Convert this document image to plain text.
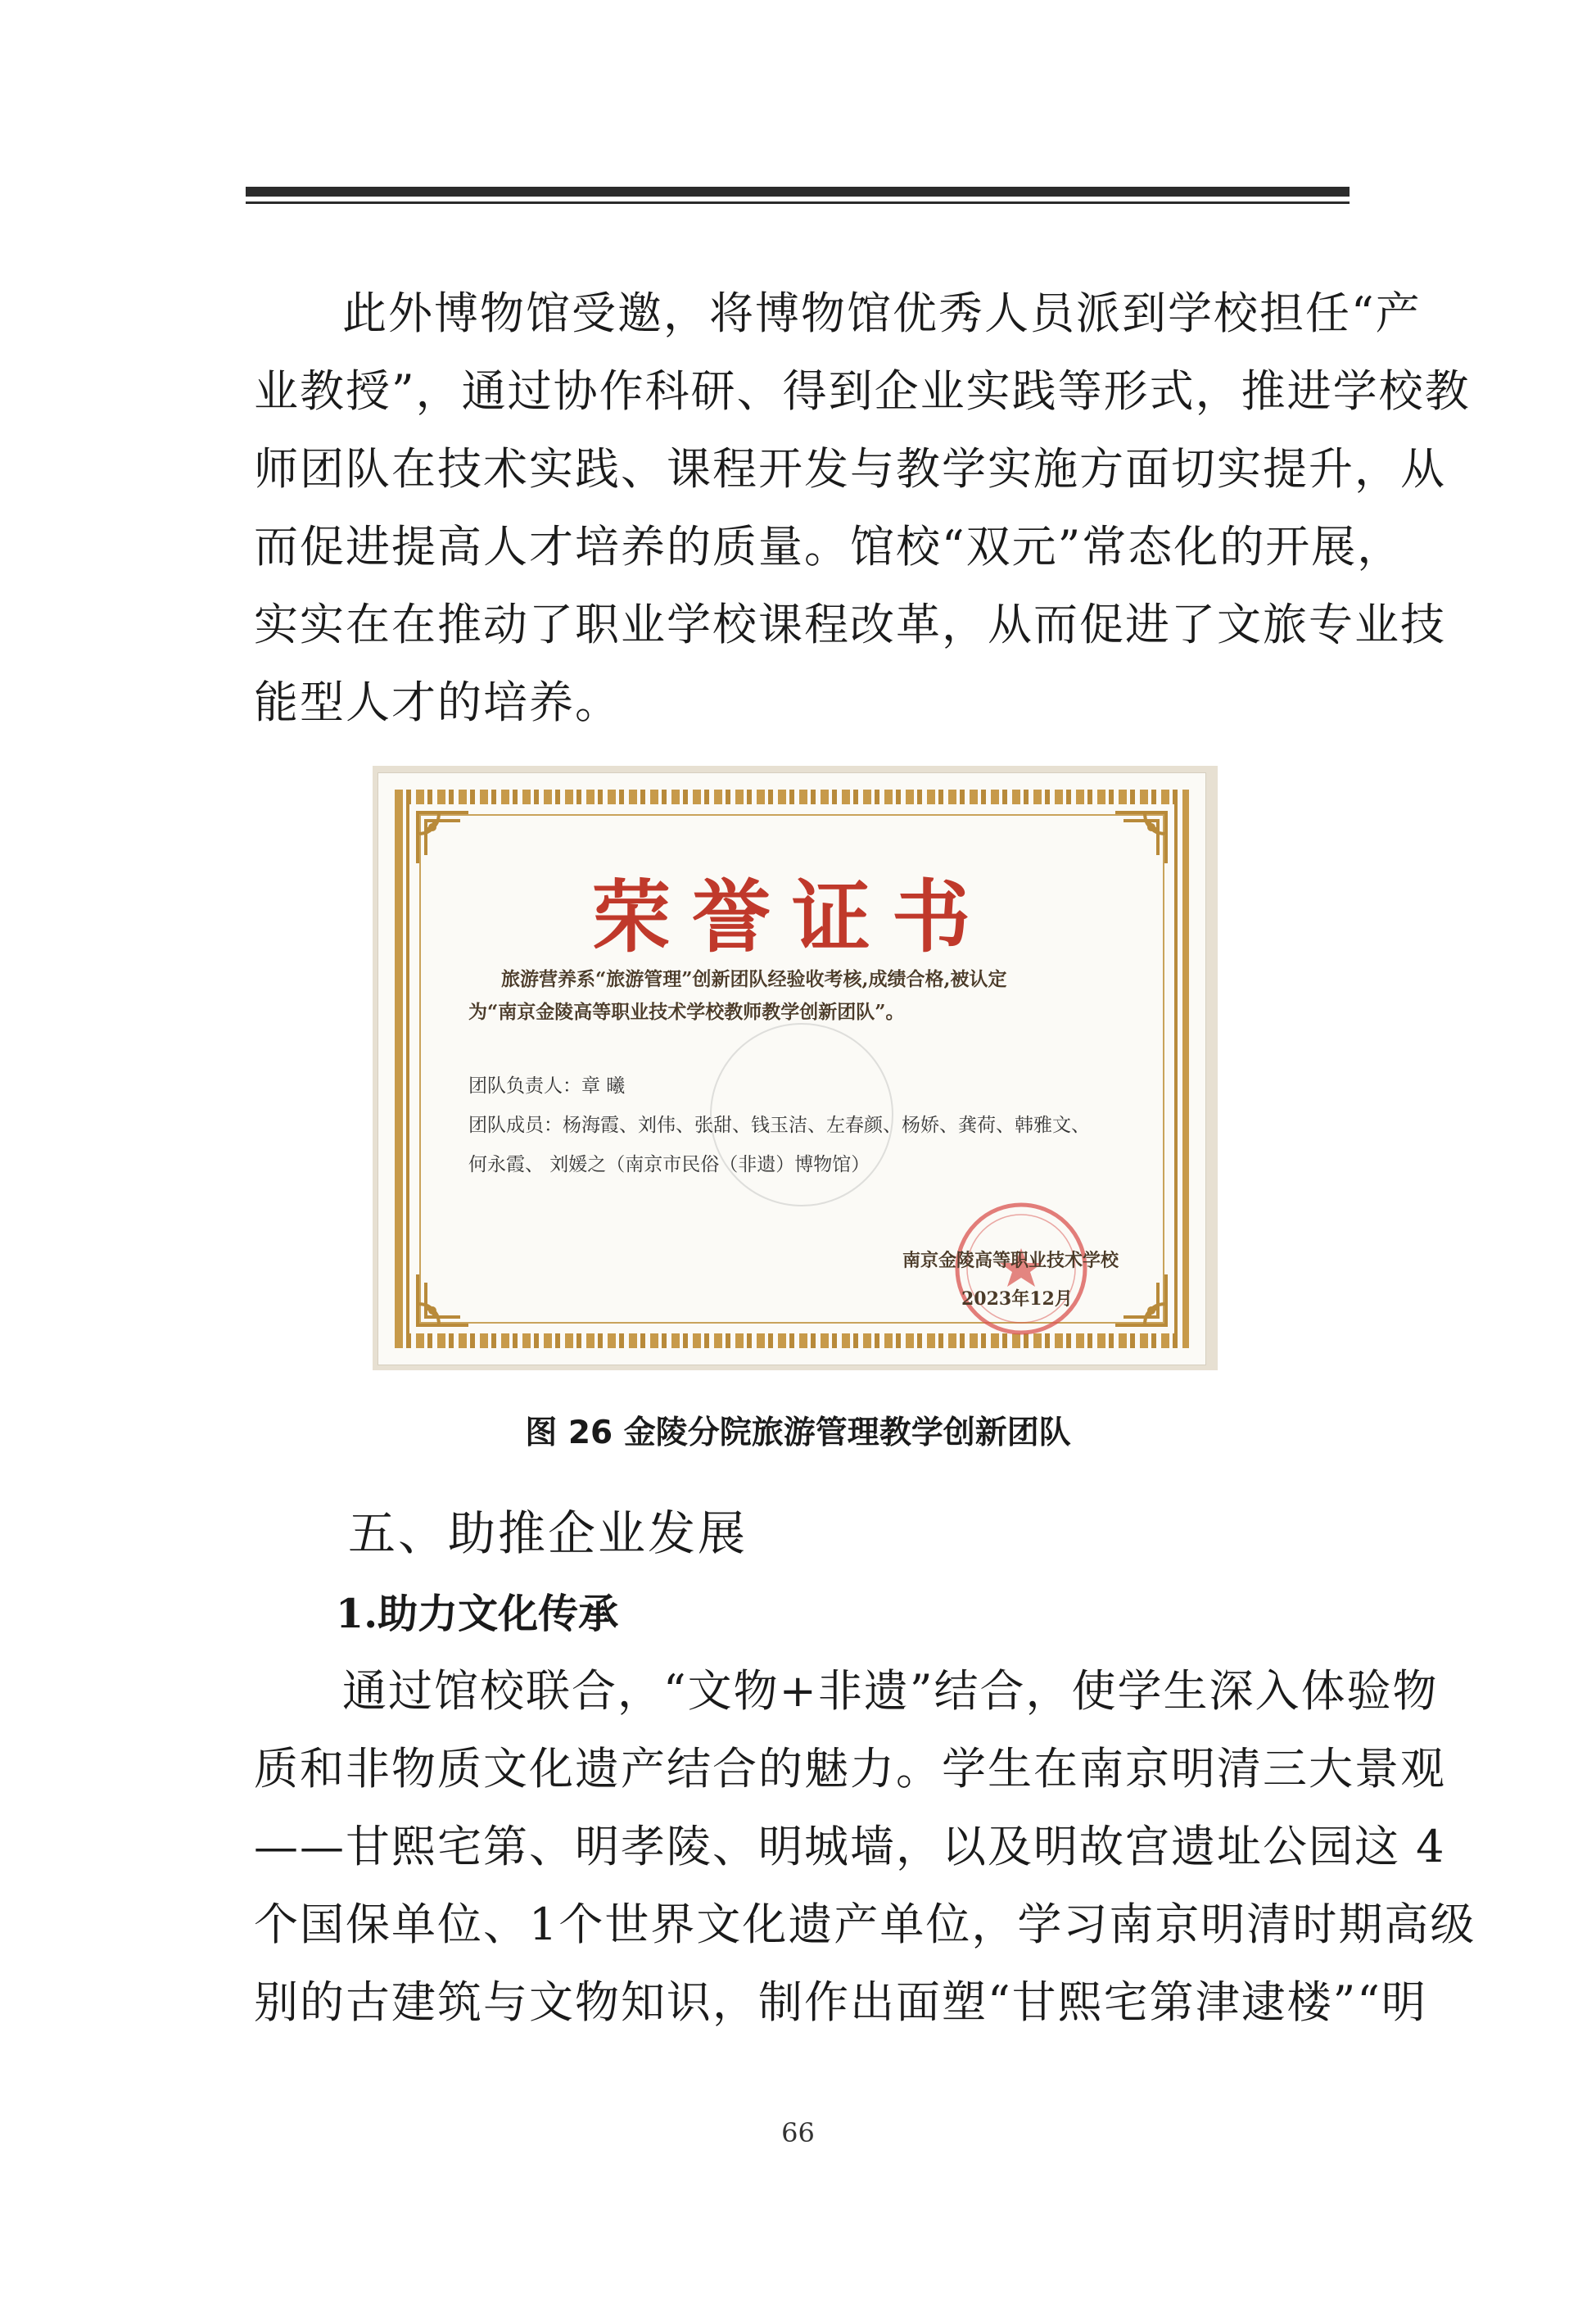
此外博物馆受邀，将博物馆优秀人员派到学校担任“产
业教授”，通过协作科研、得到企业实践等形式，推进学校教
师团队在技术实践、课程开发与教学实施方面切实提升，从
而促进提高人才培养的质量。馆校“双元”常态化的开展，
实实在在推动了职业学校课程改革，从而促进了文旅专业技
能型人才的培养。
荣誉证书
旅游营养系“旅游管理”创新团队经验收考核,成绩合格,被认定
为“南京金陵高等职业技术学校教师教学创新团队”。
团队负责人：章 曦
团队成员：杨海霞、刘伟、张甜、钱玉洁、左春颜、杨娇、龚荷、韩雅文、
何永霞、 刘媛之（南京市民俗（非遗）博物馆）
南京金陵高等职业技术学校
2023年12月
图 26 金陵分院旅游管理教学创新团队
五、助推企业发展
1.助力文化传承
通过馆校联合，“文物+非遗”结合，使学生深入体验物
质和非物质文化遗产结合的魅力。学生在南京明清三大景观
——甘熙宅第、明孝陵、明城墙，以及明故宫遗址公园这 4
个国保单位、1个世界文化遗产单位，学习南京明清时期高级
别的古建筑与文物知识，制作出面塑“甘熙宅第津逮楼”“明
66
